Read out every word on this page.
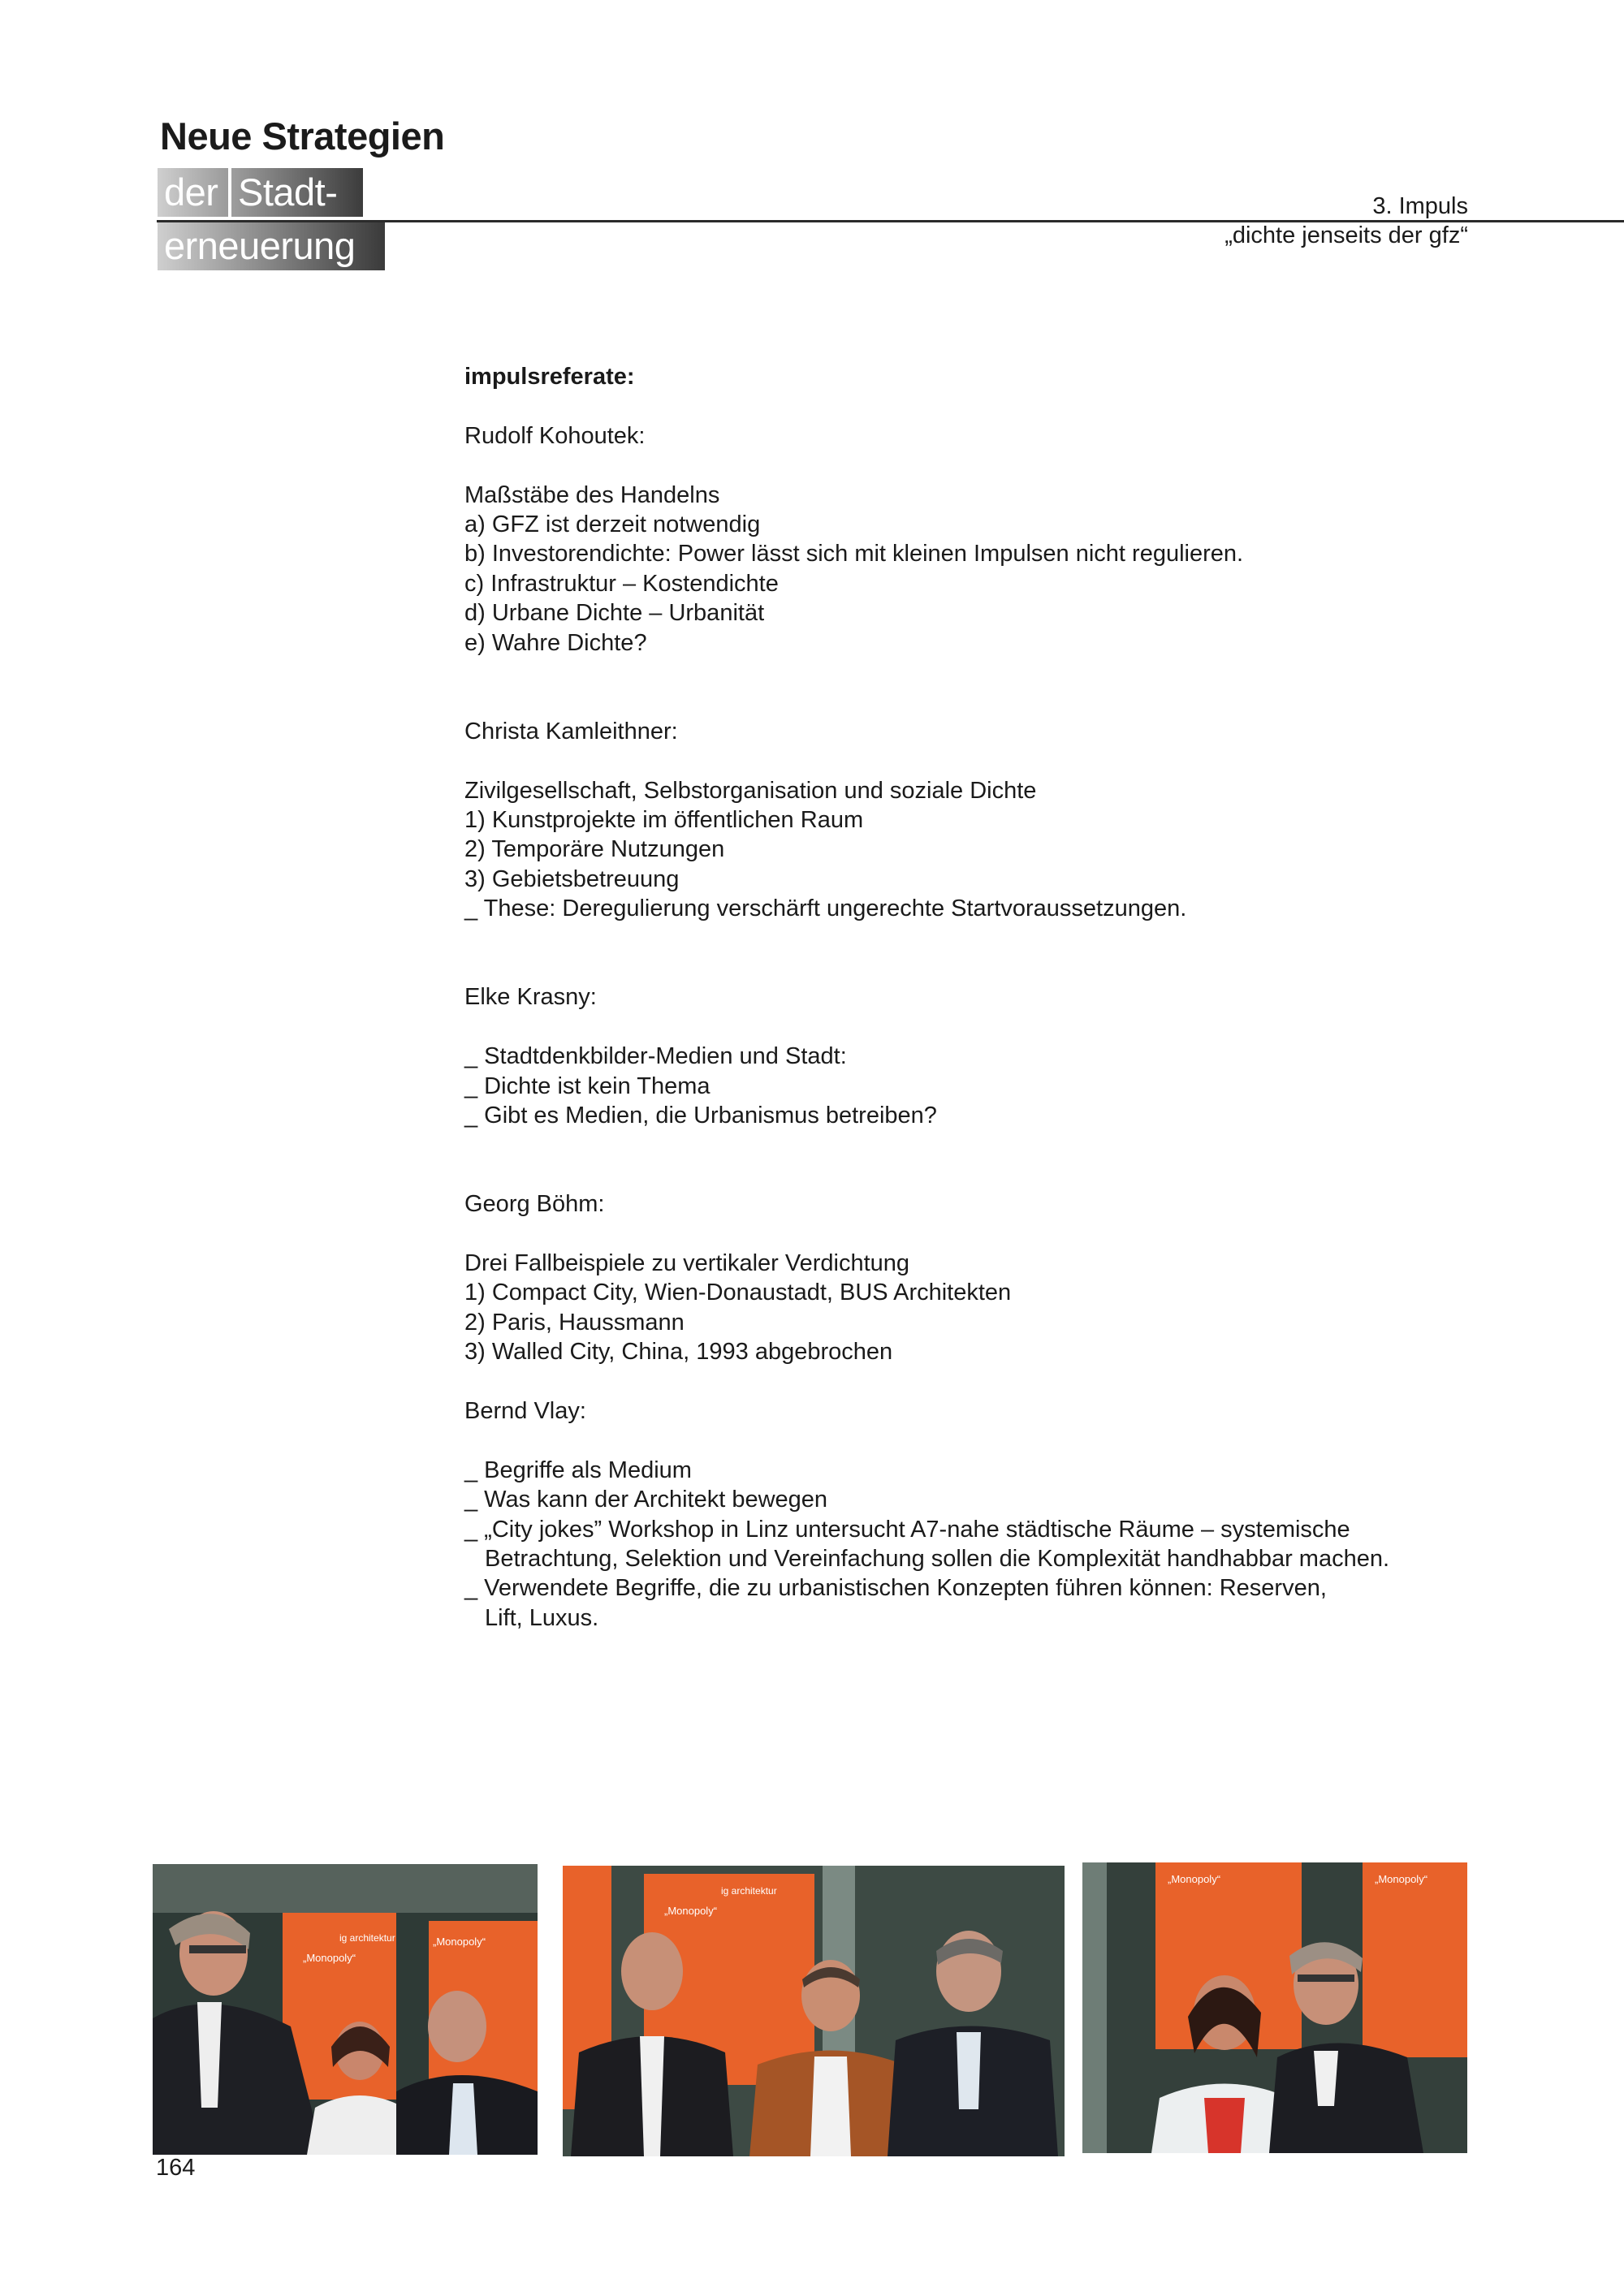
Neue Strategien
der Stadt-
erneuerung
3. Impuls
„dichte jenseits der gfz“
impulsreferate:
Rudolf Kohoutek:
Maßstäbe des Handelns
a) GFZ ist derzeit notwendig
b) Investorendichte: Power lässt sich mit kleinen Impulsen nicht regulieren.
c) Infrastruktur – Kostendichte
d) Urbane Dichte – Urbanität
e) Wahre Dichte?
Christa Kamleithner:
Zivilgesellschaft, Selbstorganisation und soziale Dichte
1) Kunstprojekte im öffentlichen Raum
2) Temporäre Nutzungen
3) Gebietsbetreuung
_ These: Deregulierung verschärft ungerechte Startvoraussetzungen.
Elke Krasny:
_ Stadtdenkbilder-Medien und Stadt:
_ Dichte ist kein Thema
_ Gibt es Medien, die Urbanismus betreiben?
Georg Böhm:
Drei Fallbeispiele zu vertikaler Verdichtung
1) Compact City, Wien-Donaustadt, BUS Architekten
2) Paris, Haussmann
3) Walled City, China, 1993 abgebrochen
Bernd Vlay:
_ Begriffe als Medium
_ Was kann der Architekt bewegen
_ „City jokes” Workshop in Linz untersucht A7-nahe städtische Räume – systemische
Betrachtung, Selektion und Vereinfachung sollen die Komplexität handhabbar machen.
_ Verwendete Begriffe, die zu urbanistischen Konzepten führen können: Reserven,
Lift, Luxus.
„Monopoly“
„Monopoly“
ig architektur
„Monopoly“
ig architektur
„Monopoly“	„Monopoly“
164
